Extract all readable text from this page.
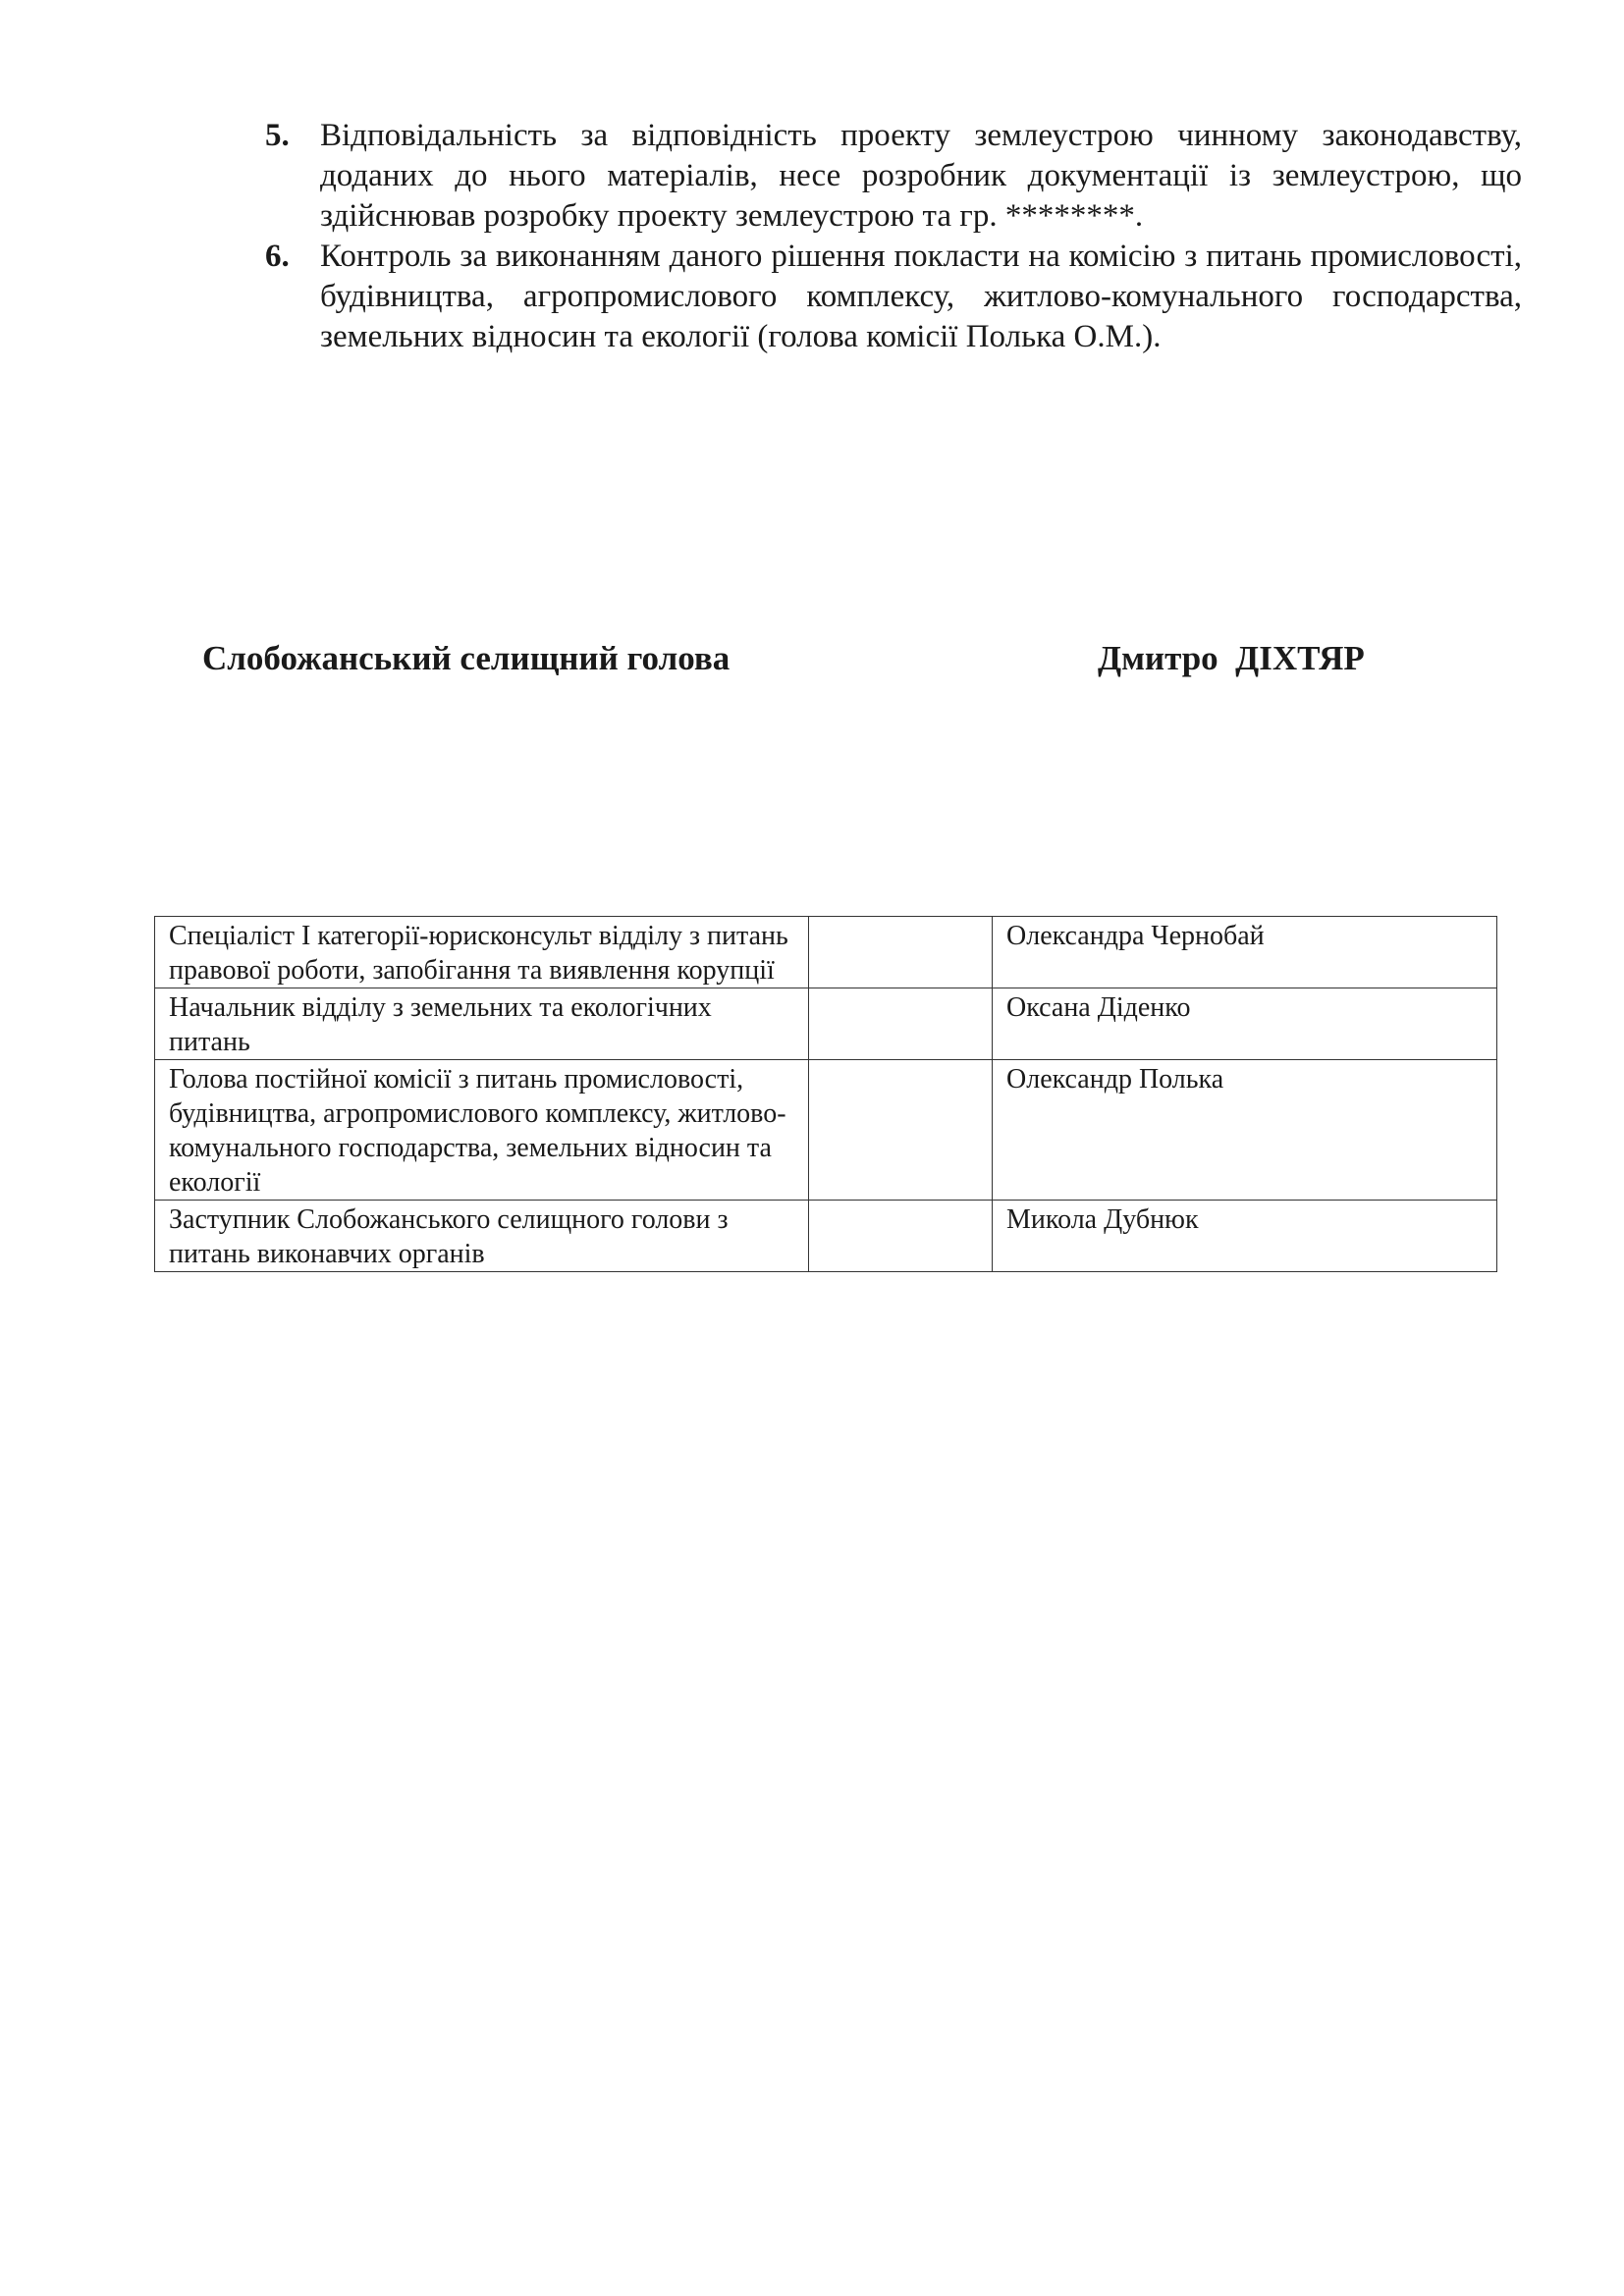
5. Відповідальність за відповідність проекту землеустрою чинному законодавству, доданих до нього матеріалів, несе розробник документації із землеустрою, що здійснював розробку проекту землеустрою та гр. ********.
6. Контроль за виконанням даного рішення покласти на комісію з питань промисловості, будівництва, агропромислового комплексу, житлово-комунального господарства, земельних відносин та екології (голова комісії Полька О.М.).
Слобожанський селищний голова	Дмитро  ДІХТЯР
Спеціаліст І категорії-юрисконсульт відділу з питань правової роботи, запобігання та виявлення корупції		Олександра Чернобай
Начальник відділу з земельних та екологічних питань		Оксана Діденко
Голова постійної комісії з питань промисловості, будівництва, агропромислового комплексу, житлово-комунального господарства, земельних відносин та екології		Олександр Полька
Заступник Слобожанського селищного голови з питань виконавчих органів		Микола Дубнюк
